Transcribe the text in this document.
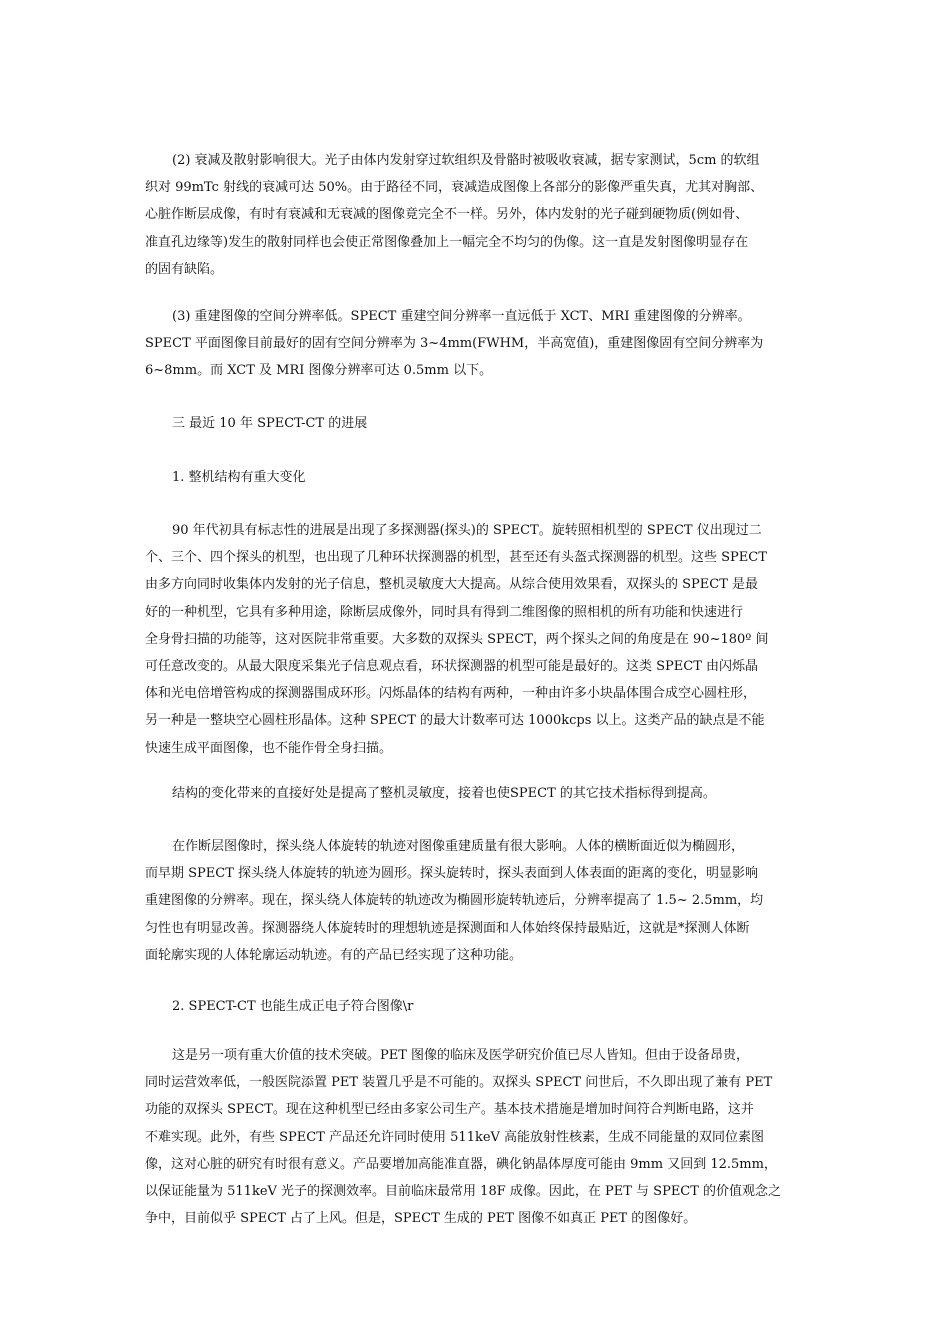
(2) 衰减及散射影响很大。光子由体内发射穿过软组织及骨骼时被吸收衰减，据专家测试，5cm 的软组
织对 99mTc 射线的衰减可达 50%。由于路径不同，衰减造成图像上各部分的影像严重失真，尤其对胸部、
心脏作断层成像，有时有衰减和无衰减的图像竟完全不一样。另外，体内发射的光子碰到硬物质(例如骨、
准直孔边缘等)发生的散射同样也会使正常图像叠加上一幅完全不均匀的伪像。这一直是发射图像明显存在
的固有缺陷。

(3) 重建图像的空间分辨率低。SPECT 重建空间分辨率一直远低于 XCT、MRI 重建图像的分辨率。
SPECT 平面图像目前最好的固有空间分辨率为 3~4mm(FWHM，半高宽值)，重建图像固有空间分辨率为
6~8mm。而 XCT 及 MRI 图像分辨率可达 0.5mm 以下。

三 最近 10 年 SPECT-CT 的进展

1. 整机结构有重大变化

90 年代初具有标志性的进展是出现了多探测器(探头)的 SPECT。旋转照相机型的 SPECT 仪出现过二
个、三个、四个探头的机型，也出现了几种环状探测器的机型，甚至还有头盔式探测器的机型。这些 SPECT
由多方向同时收集体内发射的光子信息，整机灵敏度大大提高。从综合使用效果看，双探头的 SPECT 是最
好的一种机型，它具有多种用途，除断层成像外，同时具有得到二维图像的照相机的所有功能和快速进行
全身骨扫描的功能等，这对医院非常重要。大多数的双探头 SPECT，两个探头之间的角度是在 90~180º 间
可任意改变的。从最大限度采集光子信息观点看，环状探测器的机型可能是最好的。这类 SPECT 由闪烁晶
体和光电倍增管构成的探测器围成环形。闪烁晶体的结构有两种，一种由许多小块晶体围合成空心圆柱形，
另一种是一整块空心圆柱形晶体。这种 SPECT 的最大计数率可达 1000kcps 以上。这类产品的缺点是不能
快速生成平面图像，也不能作骨全身扫描。

结构的变化带来的直接好处是提高了整机灵敏度，接着也使SPECT 的其它技术指标得到提高。

在作断层图像时，探头绕人体旋转的轨迹对图像重建质量有很大影响。人体的横断面近似为椭圆形，
而早期 SPECT 探头绕人体旋转的轨迹为圆形。探头旋转时，探头表面到人体表面的距离的变化，明显影响
重建图像的分辨率。现在，探头绕人体旋转的轨迹改为椭圆形旋转轨迹后，分辨率提高了 1.5~ 2.5mm，均
匀性也有明显改善。探测器绕人体旋转时的理想轨迹是探测面和人体始终保持最贴近，这就是*探测人体断
面轮廓实现的人体轮廓运动轨迹。有的产品已经实现了这种功能。

2. SPECT-CT 也能生成正电子符合图像\r

这是另一项有重大价值的技术突破。PET 图像的临床及医学研究价值已尽人皆知。但由于设备昂贵，
同时运营效率低，一般医院添置 PET 装置几乎是不可能的。双探头 SPECT 问世后，不久即出现了兼有 PET
功能的双探头 SPECT。现在这种机型已经由多家公司生产。基本技术措施是增加时间符合判断电路，这并
不难实现。此外，有些 SPECT 产品还允许同时使用 511keV 高能放射性核素，生成不同能量的双同位素图
像，这对心脏的研究有时很有意义。产品要增加高能准直器，碘化钠晶体厚度可能由 9mm 又回到 12.5mm，
以保证能量为 511keV 光子的探测效率。目前临床最常用 18F 成像。因此，在 PET 与 SPECT 的价值观念之
争中，目前似乎 SPECT 占了上风。但是，SPECT 生成的 PET 图像不如真正 PET 的图像好。
